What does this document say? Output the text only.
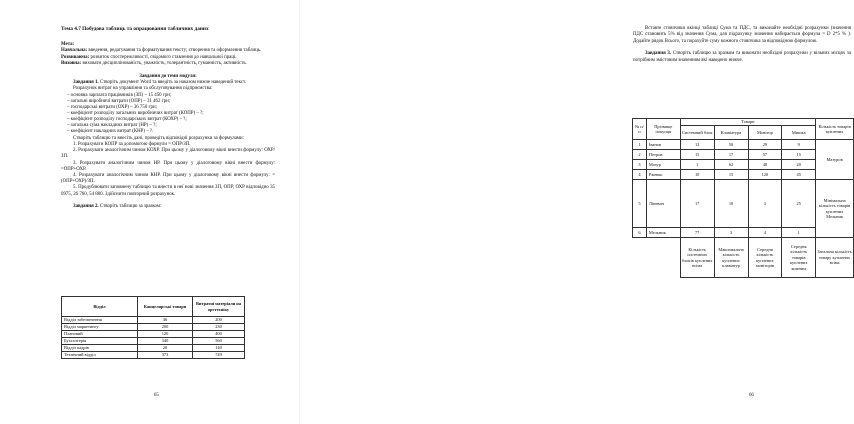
Тема 4.7 Побудова таблиць та опрацювання табличних даних

Мета:

Навчальна: введення, редагування та форматування тексту; створення та оформлення таблиць.

Розвиваюча: розвиток спостережливості, свідомого ставлення до навчальної праці.

Виховна: виховати дисциплінованість, уважність, толерантність, гуманність, активність.

Завдання до теми модуля:

Завдання 1. Створіть документ Word та введіть за наказом нижче наведений текст.

Розрахунок витрат на управління та обслуговування підприємства:

– основна зарплата працівників (ЗП) – 15 450 грн;
– загальні виробничі витрати (ОПР) – 31 462 грн;
– господарські витрати (ОХР) – 36 750 грн;
– коефіцієнт розподілу загальних виробничих витрат (КОПР) – ?;
– коефіцієнт розподілу господарських витрат (КОХР) – ?;
– загальна сума накладних витрат (НР) – ?;
– коефіцієнт накладних витрат (КНР) – ?.

Створіть таблицю та внесіть дані, проведіть відповідні розрахунки за формулами:

1. Розрахувати КОПР за допомогою формули = ОПР/ЗП.
2. Розрахувати аналогічним чином КОХР. При цьому у діалоговому вікні внести формулу: ОХР/ЗП.
3. Розрахувати аналогічним чином НР. При цьому у діалоговому вікні внести формулу: =ОПР+ОХР.
4. Розрахувати аналогічним чином КНР. При цьому у діалоговому вікні внести формулу: =(ОПР+ОХР)/ЗП.
5. Продублювати заповнену таблицю та внести в неї нові значення ЗП, ОПР, ОХР відповідно 35 0975, 26 760, 54 880. Здійснити повторний розрахунок.

Завдання 2. Створіть таблицю за зразком:

Відділ	Канцелярські товари	Витратні матеріали на оргтехніку
Відділ забезпечення	46	200
Відділ маркетингу	200	230
Плановий	120	400
Бухгалтерія	340	560
Відділ кадрів	20	140
Технічний відділ	373	749
65

Вставте стовпчики вкінці таблиці Сума та ПДС, та виконайте необхідні розрахунки (значення ПДС становить 5% від значення Сума, для підрахунку значення набирається формула = D 2*5 % ). Додайте рядок Всього, та порахуйте суму кожного стовпчика за відповідною формулою.

Завдання 3. Створіть таблицю за зразком та виконати необхідні розрахунки у вільних місцях за потрібним змістовим значенням які наведено нижче.

№ п/п	Прізвище покупця	Товари				Кількість товарів куплених
		Системний блок	Клавіатура	Монітор	Мишка	
1	Іванов	12	50	29	9	Мазуров
2	Петров	15	17	57	15	
3	Мазур	1	62	48	20	
4	Ржевко	10	15	120	45	
5	Ліневич	17	10	3	25	Мінімальна кількість товарів куплених Мельник
6	Мельник	77	3	4	1	
		Кількість системних блоків куплених всіма	Максимальна кількість куплених клавіатур	Середня кількість куплених моніторів	Середня кількість товарів куплених кожним	Загальна кількість товару куплених всіма
66
